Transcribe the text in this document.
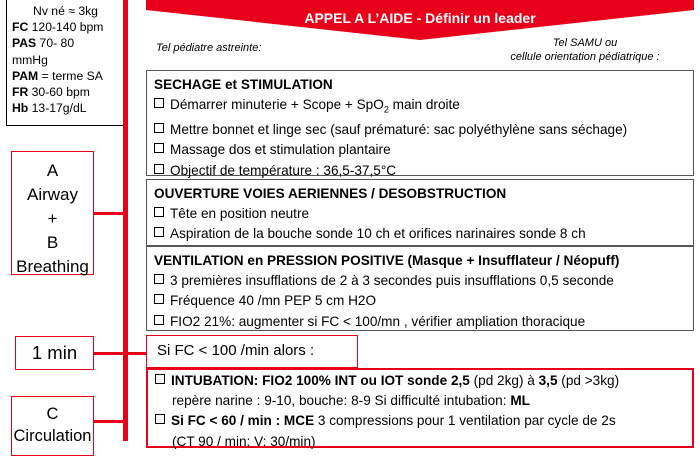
Nv né ≈ 3kg
FC 120-140 bpm
PAS 70- 80
mmHg
PAM = terme SA
FR 30-60 bpm
Hb 13-17g/dL
A
Airway
+
B
Breathing
1 min
C
Circulation
APPEL A L’AIDE - Définir un leader
Tel pédiatre astreinte:	Tel SAMU ou
cellule orientation pédiatrique :
SECHAGE et STIMULATION
Démarrer minuterie + Scope + SpO$_2$ main droite
Mettre bonnet et linge sec (sauf prématuré: sac polyéthylène sans séchage)
Massage dos et stimulation plantaire
Objectif de température : 36,5-37,5°C
OUVERTURE VOIES AERIENNES / DESOBSTRUCTION
Tête en position neutre
Aspiration de la bouche sonde 10 ch et orifices narinaires sonde 8 ch
VENTILATION en PRESSION POSITIVE (Masque + Insufflateur / Néopuff)
3 premières insufflations de 2 à 3 secondes puis insufflations 0,5 seconde
Fréquence 40 /mn PEP 5 cm H2O
FIO2 21%: augmenter si FC < 100/mn , vérifier ampliation thoracique
Si FC < 100 /min alors :
INTUBATION: FIO2 100% INT ou IOT sonde 2,5 (pd 2kg) à 3,5 (pd >3kg)
repère narine : 9-10, bouche: 8-9 Si difficulté intubation: ML
Si FC < 60 / min : MCE 3 compressions pour 1 ventilation par cycle de 2s
(CT 90 / min; V: 30/min)
